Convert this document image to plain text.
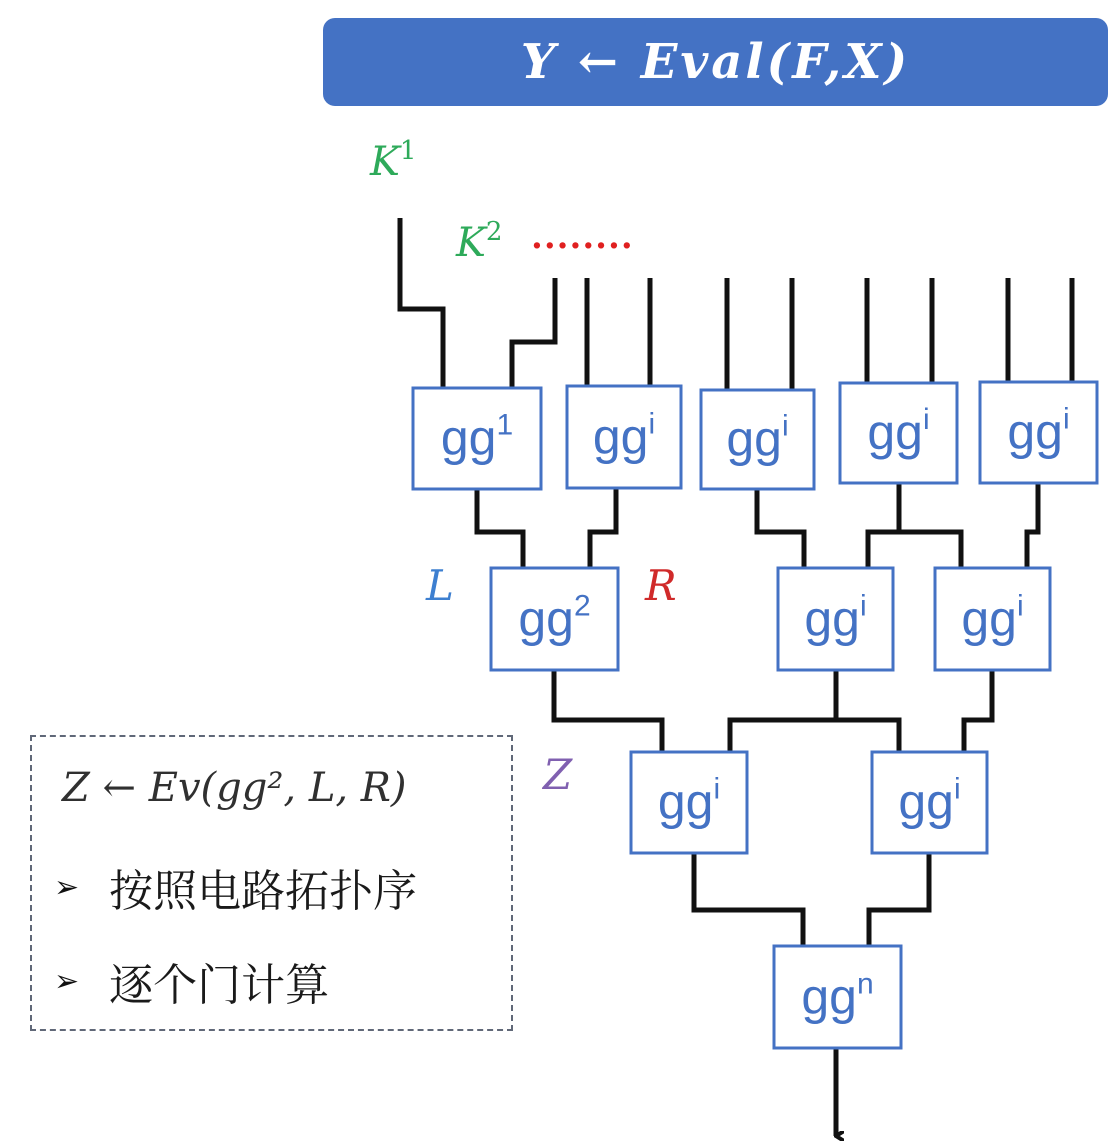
Y ← Eval(F,X)
$gg^1$ $gg^i$ $gg^i$ $gg^i$ $gg^i$
$gg^2$	$gg^i$ $gg^i$
$gg^i$	$gg^i$
$gg^n$
$K^1$
$K^2$ ........
L	R
Z
Z ← Ev(gg², L, R)
➢ 按照电路拓扑序
➢ 逐个门计算
